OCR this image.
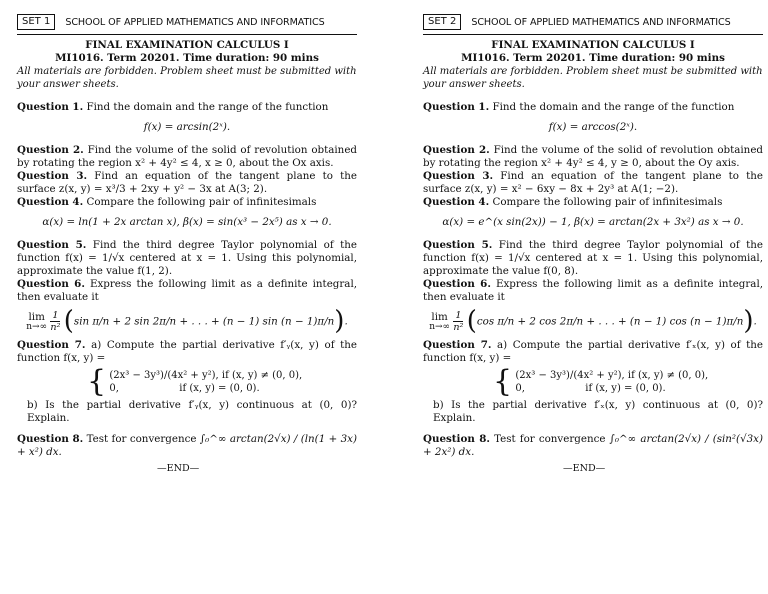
SET 1	SCHOOL OF APPLIED MATHEMATICS AND INFORMATICS
FINAL EXAMINATION CALCULUS I
MI1016. Term 20201. Time duration: 90 mins
All materials are forbidden. Problem sheet must be submitted with your answer sheets.
Question 1. Find the domain and the range of the function
f(x) = arcsin(2ˣ).
Question 2. Find the volume of the solid of revolution obtained by rotating the region x² + 4y² ≤ 4, x ≥ 0, about the Ox axis.
Question 3. Find an equation of the tangent plane to the surface z(x, y) = x³/3 + 2xy + y² − 3x at A(3; 2).
Question 4. Compare the following pair of infinitesimals
α(x) = ln(1 + 2x arctan x), β(x) = sin(x³ − 2x⁵) as x → 0.
Question 5. Find the third degree Taylor polynomial of the function f(x) = 1/√x centered at x = 1. Using this polynomial, approximate the value f(1, 2).
Question 6. Express the following limit as a definite integral, then evaluate it
lim
n→∞
$\frac{1}{\text{n²}} (\sin$ π/n + 2 sin 2π/n + . . . + (n − 1) sin (n − 1)π/n).
Question 7. a) Compute the partial derivative f′ᵧ(x, y) of the function f(x, y) =
{ (2x³ − 3y³)/(4x² + y²), if (x, y) ≠ (0, 0),
0,                   if (x, y) = (0, 0).
b) Is the partial derivative f′ᵧ(x, y) continuous at (0, 0)? Explain.
Question 8. Test for convergence ∫₀^∞ arctan(2√x) / (ln(1 + 3x) + x²) dx.
—END—
SET 2	SCHOOL OF APPLIED MATHEMATICS AND INFORMATICS
FINAL EXAMINATION CALCULUS I
MI1016. Term 20201. Time duration: 90 mins
All materials are forbidden. Problem sheet must be submitted with your answer sheets.
Question 1. Find the domain and the range of the function
f(x) = arccos(2ˣ).
Question 2. Find the volume of the solid of revolution obtained by rotating the region x² + 4y² ≤ 4, y ≥ 0, about the Oy axis.
Question 3. Find an equation of the tangent plane to the surface z(x, y) = x² − 6xy − 8x + 2y³ at A(1; −2).
Question 4. Compare the following pair of infinitesimals
α(x) = e^(x sin(2x)) − 1, β(x) = arctan(2x + 3x²) as x → 0.
Question 5. Find the third degree Taylor polynomial of the function f(x) = 1/√x centered at x = 1. Using this polynomial, approximate the value f(0, 8).
Question 6. Express the following limit as a definite integral, then evaluate it
lim
n→∞
$\frac{1}{\text{n²}} (\cos$ π/n + 2 cos 2π/n + . . . + (n − 1) cos (n − 1)π/n).
Question 7. a) Compute the partial derivative f′ₓ(x, y) of the function f(x, y) =
{ (2x³ − 3y³)/(4x² + y²), if (x, y) ≠ (0, 0),
0,                   if (x, y) = (0, 0).
b) Is the partial derivative f′ₓ(x, y) continuous at (0, 0)? Explain.
Question 8. Test for convergence ∫₀^∞ arctan(2√x) / (sin²(√3x) + 2x²) dx.
—END—
